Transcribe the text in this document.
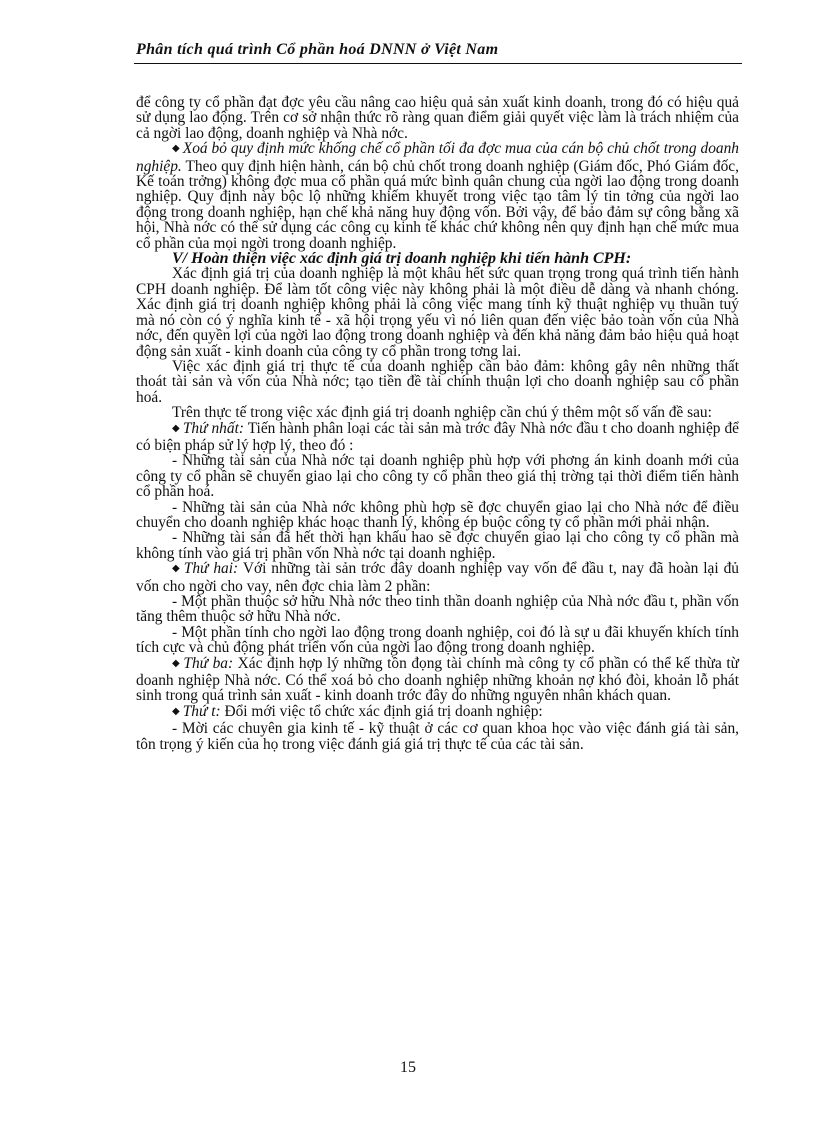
Phân tích quá trình Cổ phần hoá DNNN ở Việt Nam

để công ty cổ phần đạt đợc yêu cầu nâng cao hiệu quả sản xuất kinh doanh, trong đó có hiệu quả sử dụng lao động. Trên cơ sở nhận thức rõ ràng quan điểm giải quyết việc làm là trách nhiệm của cả ngời lao động, doanh nghiệp và Nhà nớc.

◆ Xoá bỏ quy định mức khống chế cổ phần tối đa đợc mua của cán bộ chủ chốt trong doanh nghiệp. Theo quy định hiện hành, cán bộ chủ chốt trong doanh nghiệp (Giám đốc, Phó Giám đốc, Kế toán trởng) không đợc mua cổ phần quá mức bình quân chung của ngời lao động trong doanh nghiệp. Quy định này bộc lộ những khiếm khuyết trong việc tạo tâm lý tin tởng của ngời lao động trong doanh nghiệp, hạn chế khả năng huy động vốn. Bởi vậy, để bảo đảm sự công bằng xã hội, Nhà nớc có thể sử dụng các công cụ kinh tế khác chứ không nên quy định hạn chế mức mua cổ phần của mọi ngời trong doanh nghiệp.

V/ Hoàn thiện việc xác định giá trị doanh nghiệp khi tiến hành CPH:

Xác định giá trị của doanh nghiệp là một khâu hết sức quan trọng trong quá trình tiến hành CPH doanh nghiệp. Để làm tốt công việc này không phải là một điều dễ dàng và nhanh chóng. Xác định giá trị doanh nghiệp không phải là công việc mang tính kỹ thuật nghiệp vụ thuần tuý mà nó còn có ý nghĩa kinh tế - xã hội trọng yếu vì nó liên quan đến việc bảo toàn vốn của Nhà nớc, đến quyền lợi của ngời lao động trong doanh nghiệp và đến khả năng đảm bảo hiệu quả hoạt động sản xuất - kinh doanh của công ty cổ phần trong tơng lai.

Việc xác định giá trị thực tế của doanh nghiệp cần bảo đảm: không gây nên những thất thoát tài sản và vốn của Nhà nớc; tạo tiền đề tài chính thuận lợi cho doanh nghiệp sau cổ phần hoá.

Trên thực tế trong việc xác định giá trị doanh nghiệp cần chú ý thêm một số vấn đề sau:

◆ Thứ nhất: Tiến hành phân loại các tài sản mà trớc đây Nhà nớc đầu t cho doanh nghiệp để có biện pháp sử lý hợp lý, theo đó :

- Những tài sản của Nhà nớc tại doanh nghiệp phù hợp với phơng án kinh doanh mới của công ty cổ phần sẽ chuyển giao lại cho công ty cổ phần theo giá thị trờng tại thời điểm tiến hành cổ phần hoá.

- Những tài sản của Nhà nớc không phù hợp sẽ đợc chuyển giao lại cho Nhà nớc để điều chuyển cho doanh nghiệp khác hoạc thanh lý, không ép buộc công ty cổ phần mới phải nhận.

- Những tài sản đã hết thời hạn khấu hao sẽ đợc chuyển giao lại cho công ty cổ phần mà không tính vào giá trị phần vốn Nhà nớc tại doanh nghiệp.

◆ Thứ hai: Với những tài sản trớc đây doanh nghiệp vay vốn để đầu t, nay đã hoàn lại đủ vốn cho ngời cho vay, nên đợc chia làm 2 phần:

- Một phần thuộc sở hữu Nhà nớc theo tinh thần doanh nghiệp của Nhà nớc đầu t, phần vốn tăng thêm thuộc sở hữu Nhà nớc.

- Một phần tính cho ngời lao động trong doanh nghiệp, coi đó là sự u đãi khuyến khích tính tích cực và chủ động phát triển vốn của ngời lao động trong doanh nghiệp.

◆ Thứ ba: Xác định hợp lý những tồn đọng tài chính mà công ty cổ phần có thể kế thừa từ doanh nghiệp Nhà nớc. Có thể xoá bỏ cho doanh nghiệp những khoản nợ khó đòi, khoản lỗ phát sinh trong quá trình sản xuất - kinh doanh trớc đây do những nguyên nhân khách quan.

◆ Thứ t: Đổi mới việc tổ chức xác định giá trị doanh nghiệp:

- Mời các chuyên gia kinh tế - kỹ thuật ở các cơ quan khoa học vào việc đánh giá tài sản, tôn trọng ý kiến của họ trong việc đánh giá giá trị thực tế của các tài sản.

15
